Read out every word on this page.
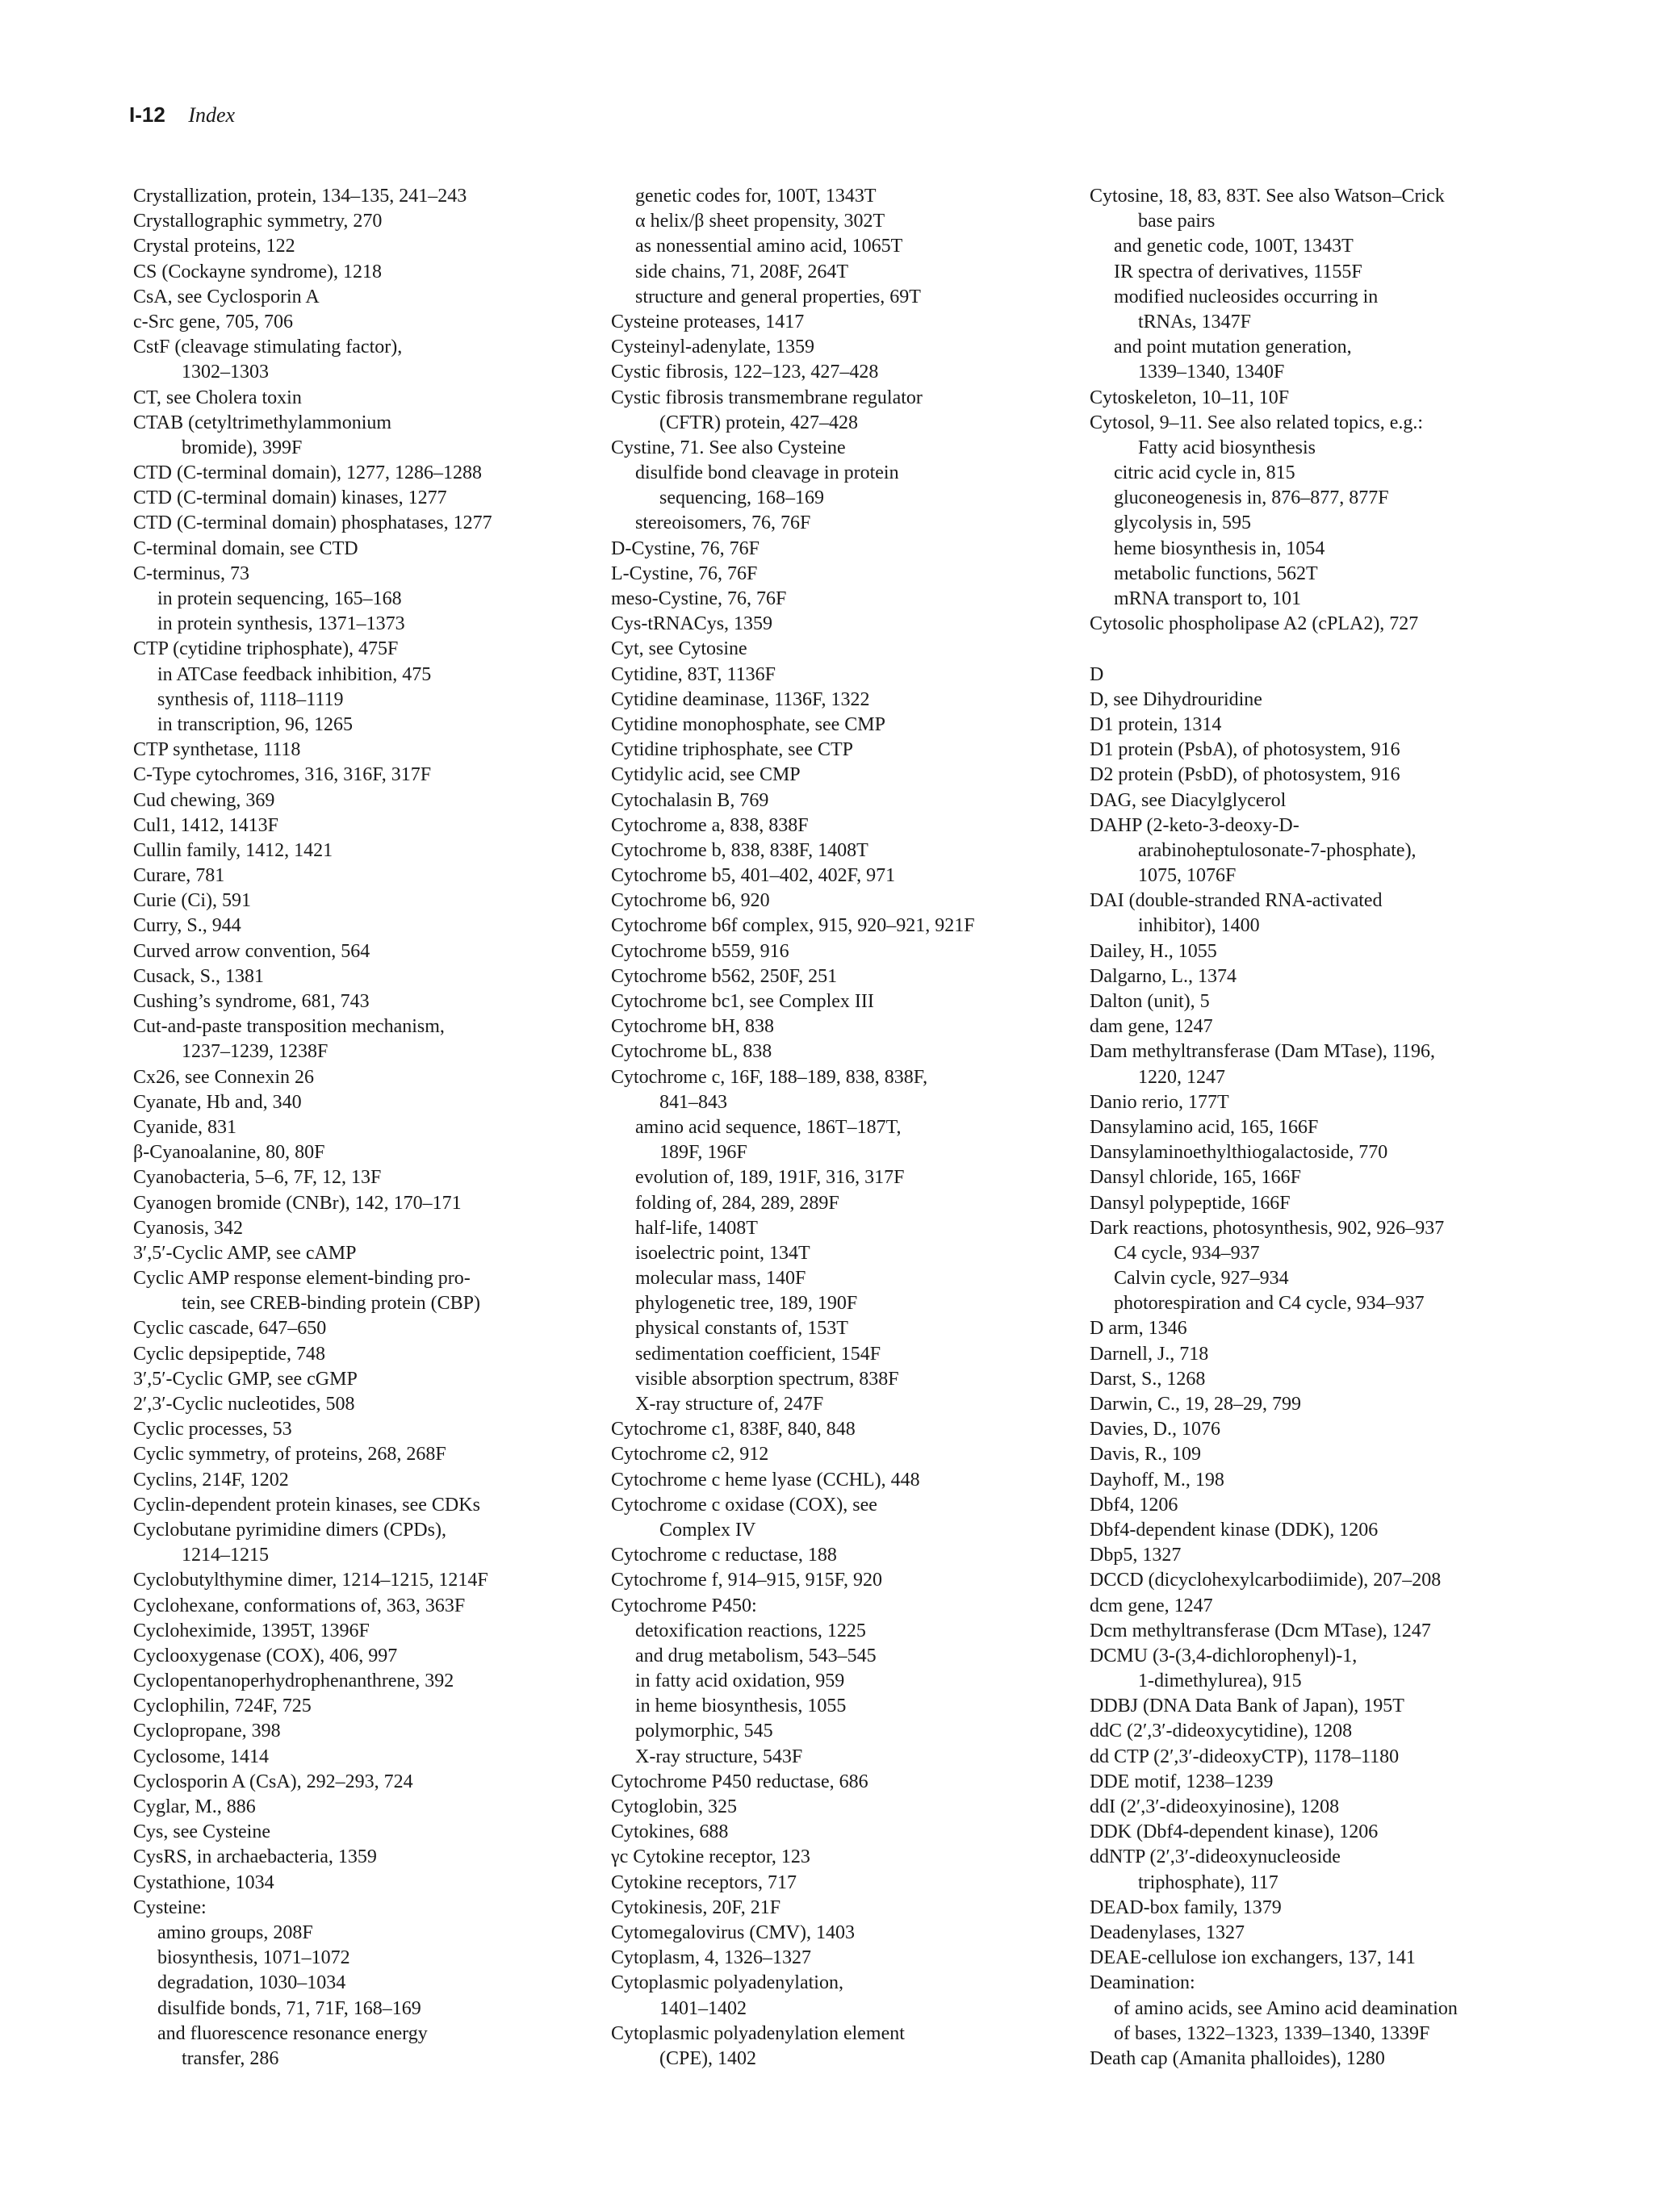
I-12 Index
Crystallization, protein, 134–135, 241–243
Crystallographic symmetry, 270
Crystal proteins, 122
CS (Cockayne syndrome), 1218
CsA, see Cyclosporin A
c-Src gene, 705, 706
CstF (cleavage stimulating factor),
1302–1303
CT, see Cholera toxin
CTAB (cetyltrimethylammonium
bromide), 399F
CTD (C-terminal domain), 1277, 1286–1288
CTD (C-terminal domain) kinases, 1277
CTD (C-terminal domain) phosphatases, 1277
C-terminal domain, see CTD
C-terminus, 73
in protein sequencing, 165–168
in protein synthesis, 1371–1373
CTP (cytidine triphosphate), 475F
in ATCase feedback inhibition, 475
synthesis of, 1118–1119
in transcription, 96, 1265
CTP synthetase, 1118
C-Type cytochromes, 316, 316F, 317F
Cud chewing, 369
Cul1, 1412, 1413F
Cullin family, 1412, 1421
Curare, 781
Curie (Ci), 591
Curry, S., 944
Curved arrow convention, 564
Cusack, S., 1381
Cushing’s syndrome, 681, 743
Cut-and-paste transposition mechanism,
1237–1239, 1238F
Cx26, see Connexin 26
Cyanate, Hb and, 340
Cyanide, 831
β-Cyanoalanine, 80, 80F
Cyanobacteria, 5–6, 7F, 12, 13F
Cyanogen bromide (CNBr), 142, 170–171
Cyanosis, 342
3′,5′-Cyclic AMP, see cAMP
Cyclic AMP response element-binding pro-
tein, see CREB-binding protein (CBP)
Cyclic cascade, 647–650
Cyclic depsipeptide, 748
3′,5′-Cyclic GMP, see cGMP
2′,3′-Cyclic nucleotides, 508
Cyclic processes, 53
Cyclic symmetry, of proteins, 268, 268F
Cyclins, 214F, 1202
Cyclin-dependent protein kinases, see CDKs
Cyclobutane pyrimidine dimers (CPDs),
1214–1215
Cyclobutylthymine dimer, 1214–1215, 1214F
Cyclohexane, conformations of, 363, 363F
Cycloheximide, 1395T, 1396F
Cyclooxygenase (COX), 406, 997
Cyclopentanoperhydrophenanthrene, 392
Cyclophilin, 724F, 725
Cyclopropane, 398
Cyclosome, 1414
Cyclosporin A (CsA), 292–293, 724
Cyglar, M., 886
Cys, see Cysteine
CysRS, in archaebacteria, 1359
Cystathione, 1034
Cysteine:
amino groups, 208F
biosynthesis, 1071–1072
degradation, 1030–1034
disulfide bonds, 71, 71F, 168–169
and fluorescence resonance energy
transfer, 286
genetic codes for, 100T, 1343T
α helix/β sheet propensity, 302T
as nonessential amino acid, 1065T
side chains, 71, 208F, 264T
structure and general properties, 69T
Cysteine proteases, 1417
Cysteinyl-adenylate, 1359
Cystic fibrosis, 122–123, 427–428
Cystic fibrosis transmembrane regulator
(CFTR) protein, 427–428
Cystine, 71. See also Cysteine
disulfide bond cleavage in protein
sequencing, 168–169
stereoisomers, 76, 76F
D-Cystine, 76, 76F
L-Cystine, 76, 76F
meso-Cystine, 76, 76F
Cys-tRNACys, 1359
Cyt, see Cytosine
Cytidine, 83T, 1136F
Cytidine deaminase, 1136F, 1322
Cytidine monophosphate, see CMP
Cytidine triphosphate, see CTP
Cytidylic acid, see CMP
Cytochalasin B, 769
Cytochrome a, 838, 838F
Cytochrome b, 838, 838F, 1408T
Cytochrome b5, 401–402, 402F, 971
Cytochrome b6, 920
Cytochrome b6f complex, 915, 920–921, 921F
Cytochrome b559, 916
Cytochrome b562, 250F, 251
Cytochrome bc1, see Complex III
Cytochrome bH, 838
Cytochrome bL, 838
Cytochrome c, 16F, 188–189, 838, 838F,
841–843
amino acid sequence, 186T–187T,
189F, 196F
evolution of, 189, 191F, 316, 317F
folding of, 284, 289, 289F
half-life, 1408T
isoelectric point, 134T
molecular mass, 140F
phylogenetic tree, 189, 190F
physical constants of, 153T
sedimentation coefficient, 154F
visible absorption spectrum, 838F
X-ray structure of, 247F
Cytochrome c1, 838F, 840, 848
Cytochrome c2, 912
Cytochrome c heme lyase (CCHL), 448
Cytochrome c oxidase (COX), see
Complex IV
Cytochrome c reductase, 188
Cytochrome f, 914–915, 915F, 920
Cytochrome P450:
detoxification reactions, 1225
and drug metabolism, 543–545
in fatty acid oxidation, 959
in heme biosynthesis, 1055
polymorphic, 545
X-ray structure, 543F
Cytochrome P450 reductase, 686
Cytoglobin, 325
Cytokines, 688
γc Cytokine receptor, 123
Cytokine receptors, 717
Cytokinesis, 20F, 21F
Cytomegalovirus (CMV), 1403
Cytoplasm, 4, 1326–1327
Cytoplasmic polyadenylation,
1401–1402
Cytoplasmic polyadenylation element
(CPE), 1402
Cytosine, 18, 83, 83T. See also Watson–Crick
base pairs
and genetic code, 100T, 1343T
IR spectra of derivatives, 1155F
modified nucleosides occurring in
tRNAs, 1347F
and point mutation generation,
1339–1340, 1340F
Cytoskeleton, 10–11, 10F
Cytosol, 9–11. See also related topics, e.g.:
Fatty acid biosynthesis
citric acid cycle in, 815
gluconeogenesis in, 876–877, 877F
glycolysis in, 595
heme biosynthesis in, 1054
metabolic functions, 562T
mRNA transport to, 101
Cytosolic phospholipase A2 (cPLA2), 727
D
D, see Dihydrouridine
D1 protein, 1314
D1 protein (PsbA), of photosystem, 916
D2 protein (PsbD), of photosystem, 916
DAG, see Diacylglycerol
DAHP (2-keto-3-deoxy-D-
arabinoheptulosonate-7-phosphate),
1075, 1076F
DAI (double-stranded RNA-activated
inhibitor), 1400
Dailey, H., 1055
Dalgarno, L., 1374
Dalton (unit), 5
dam gene, 1247
Dam methyltransferase (Dam MTase), 1196,
1220, 1247
Danio rerio, 177T
Dansylamino acid, 165, 166F
Dansylaminoethylthiogalactoside, 770
Dansyl chloride, 165, 166F
Dansyl polypeptide, 166F
Dark reactions, photosynthesis, 902, 926–937
C4 cycle, 934–937
Calvin cycle, 927–934
photorespiration and C4 cycle, 934–937
D arm, 1346
Darnell, J., 718
Darst, S., 1268
Darwin, C., 19, 28–29, 799
Davies, D., 1076
Davis, R., 109
Dayhoff, M., 198
Dbf4, 1206
Dbf4-dependent kinase (DDK), 1206
Dbp5, 1327
DCCD (dicyclohexylcarbodiimide), 207–208
dcm gene, 1247
Dcm methyltransferase (Dcm MTase), 1247
DCMU (3-(3,4-dichlorophenyl)-1,
1-dimethylurea), 915
DDBJ (DNA Data Bank of Japan), 195T
ddC (2′,3′-dideoxycytidine), 1208
dd CTP (2′,3′-dideoxyCTP), 1178–1180
DDE motif, 1238–1239
ddI (2′,3′-dideoxyinosine), 1208
DDK (Dbf4-dependent kinase), 1206
ddNTP (2′,3′-dideoxynucleoside
triphosphate), 117
DEAD-box family, 1379
Deadenylases, 1327
DEAE-cellulose ion exchangers, 137, 141
Deamination:
of amino acids, see Amino acid deamination
of bases, 1322–1323, 1339–1340, 1339F
Death cap (Amanita phalloides), 1280
